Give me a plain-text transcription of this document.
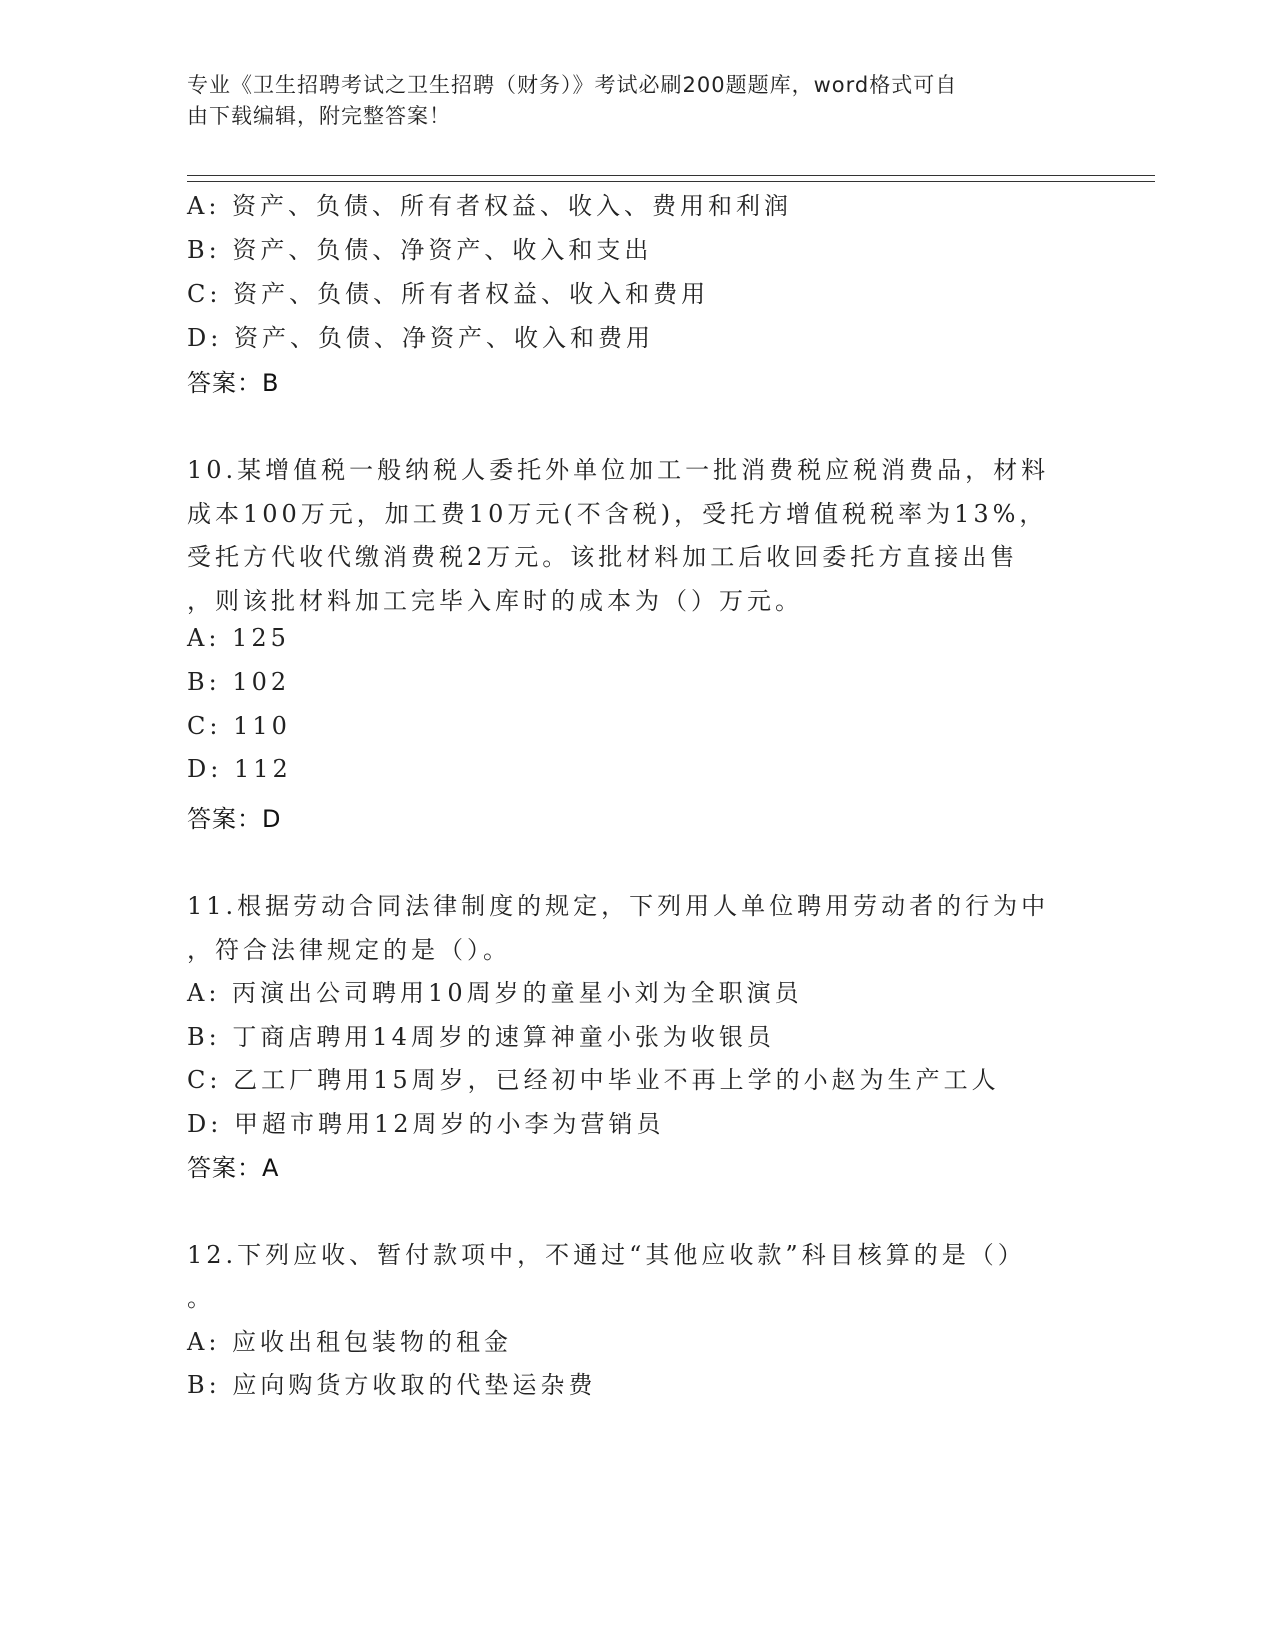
专业《卫生招聘考试之卫生招聘（财务）》考试必刷200题题库，word格式可自
由下载编辑，附完整答案！
A: 资产、负债、所有者权益、收入、费用和利润
B: 资产、负债、净资产、收入和支出
C: 资产、负债、所有者权益、收入和费用
D: 资产、负债、净资产、收入和费用
答案：B
10.某增值税一般纳税人委托外单位加工一批消费税应税消费品，材料
成本100万元，加工费10万元(不含税)，受托方增值税税率为13%，
受托方代收代缴消费税2万元。该批材料加工后收回委托方直接出售
，则该批材料加工完毕入库时的成本为（）万元。
A: 125
B: 102
C: 110
D: 112
答案：D
11.根据劳动合同法律制度的规定，下列用人单位聘用劳动者的行为中
，符合法律规定的是（）。
A: 丙演出公司聘用10周岁的童星小刘为全职演员
B: 丁商店聘用14周岁的速算神童小张为收银员
C: 乙工厂聘用15周岁，已经初中毕业不再上学的小赵为生产工人
D: 甲超市聘用12周岁的小李为营销员
答案：A
12.下列应收、暂付款项中，不通过“其他应收款”科目核算的是（）
。
A: 应收出租包装物的租金
B: 应向购货方收取的代垫运杂费
